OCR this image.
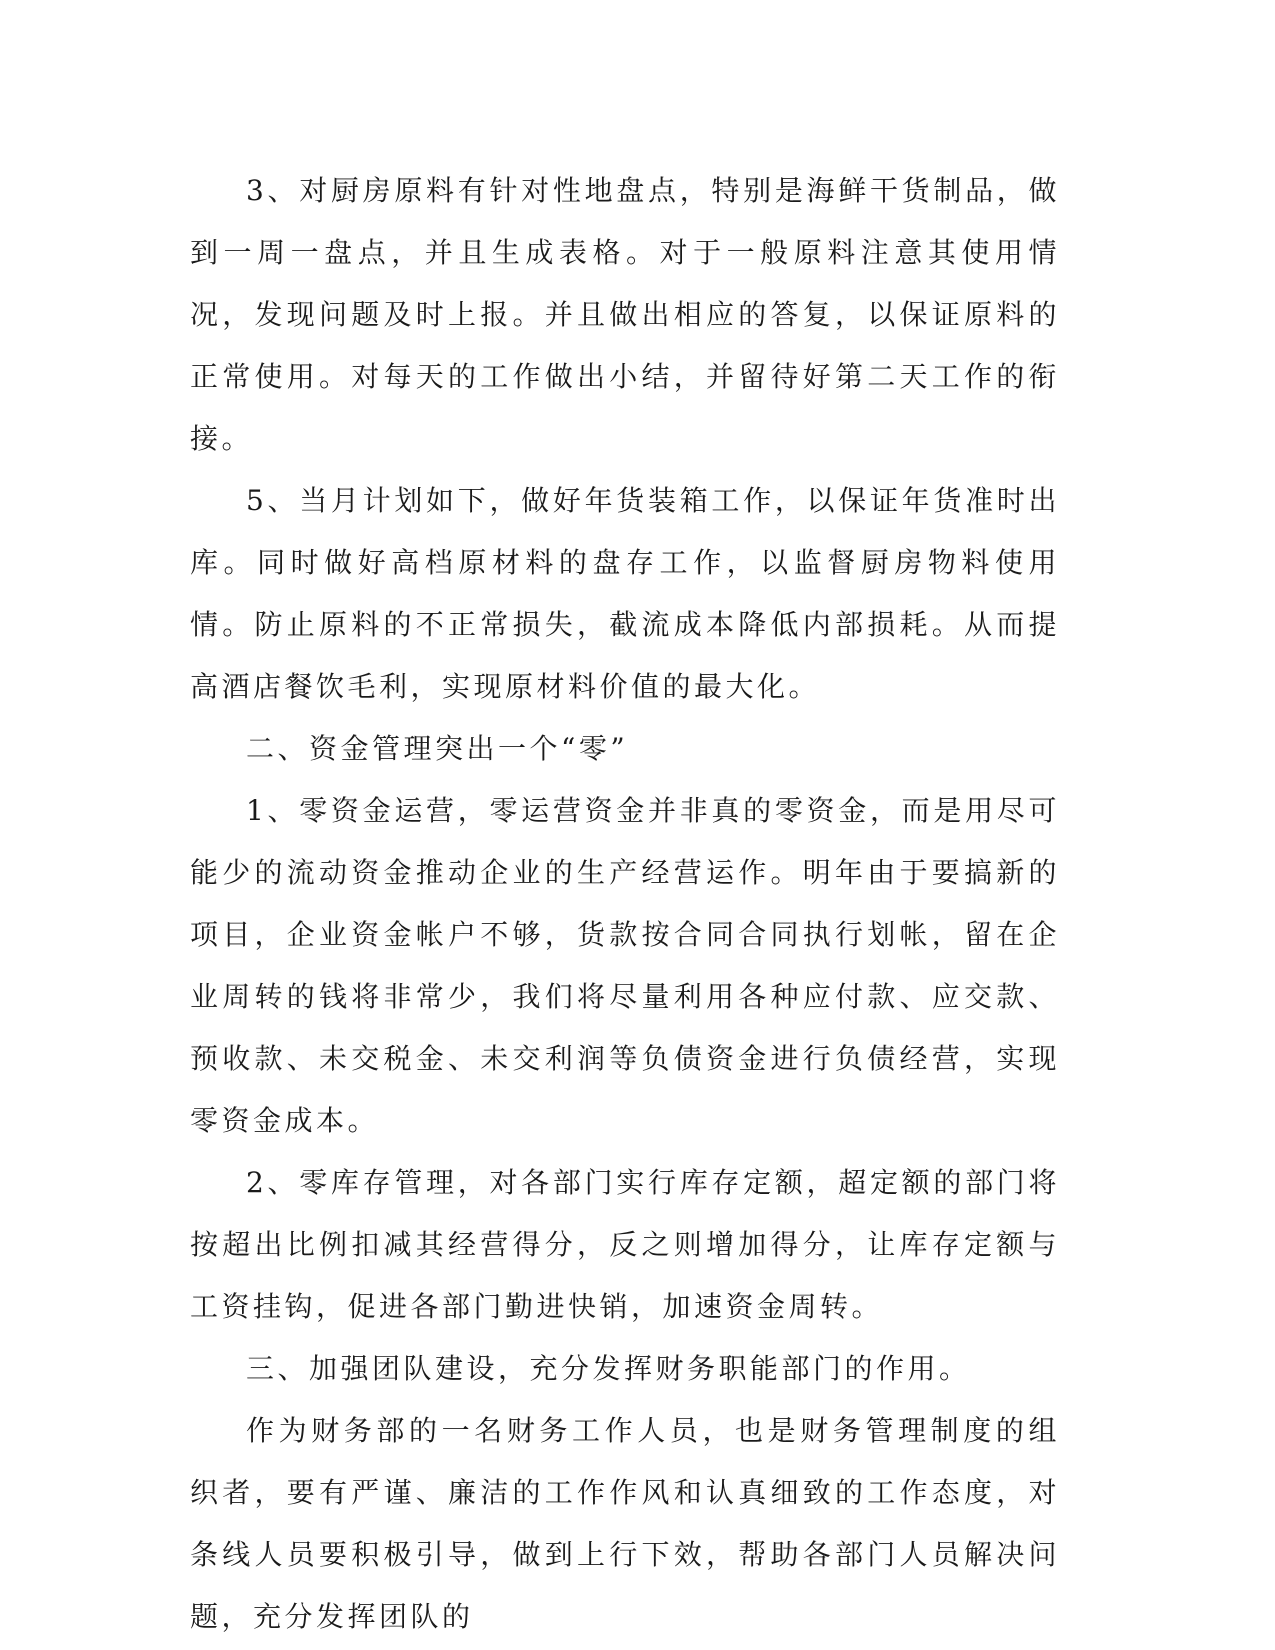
3、对厨房原料有针对性地盘点，特别是海鲜干货制品，做到一周一盘点，并且生成表格。对于一般原料注意其使用情况，发现问题及时上报。并且做出相应的答复，以保证原料的正常使用。对每天的工作做出小结，并留待好第二天工作的衔接。

5、当月计划如下，做好年货装箱工作，以保证年货准时出库。同时做好高档原材料的盘存工作，以监督厨房物料使用情。防止原料的不正常损失，截流成本降低内部损耗。从而提高酒店餐饮毛利，实现原材料价值的最大化。

二、资金管理突出一个“零”

1、零资金运营，零运营资金并非真的零资金，而是用尽可能少的流动资金推动企业的生产经营运作。明年由于要搞新的项目，企业资金帐户不够，货款按合同合同执行划帐，留在企业周转的钱将非常少，我们将尽量利用各种应付款、应交款、预收款、未交税金、未交利润等负债资金进行负债经营，实现零资金成本。

2、零库存管理，对各部门实行库存定额，超定额的部门将按超出比例扣减其经营得分，反之则增加得分，让库存定额与工资挂钩，促进各部门勤进快销，加速资金周转。

三、加强团队建设，充分发挥财务职能部门的作用。

作为财务部的一名财务工作人员，也是财务管理制度的组织者，要有严谨、廉洁的工作作风和认真细致的工作态度，对条线人员要积极引导，做到上行下效，帮助各部门人员解决问题，充分发挥团队的
